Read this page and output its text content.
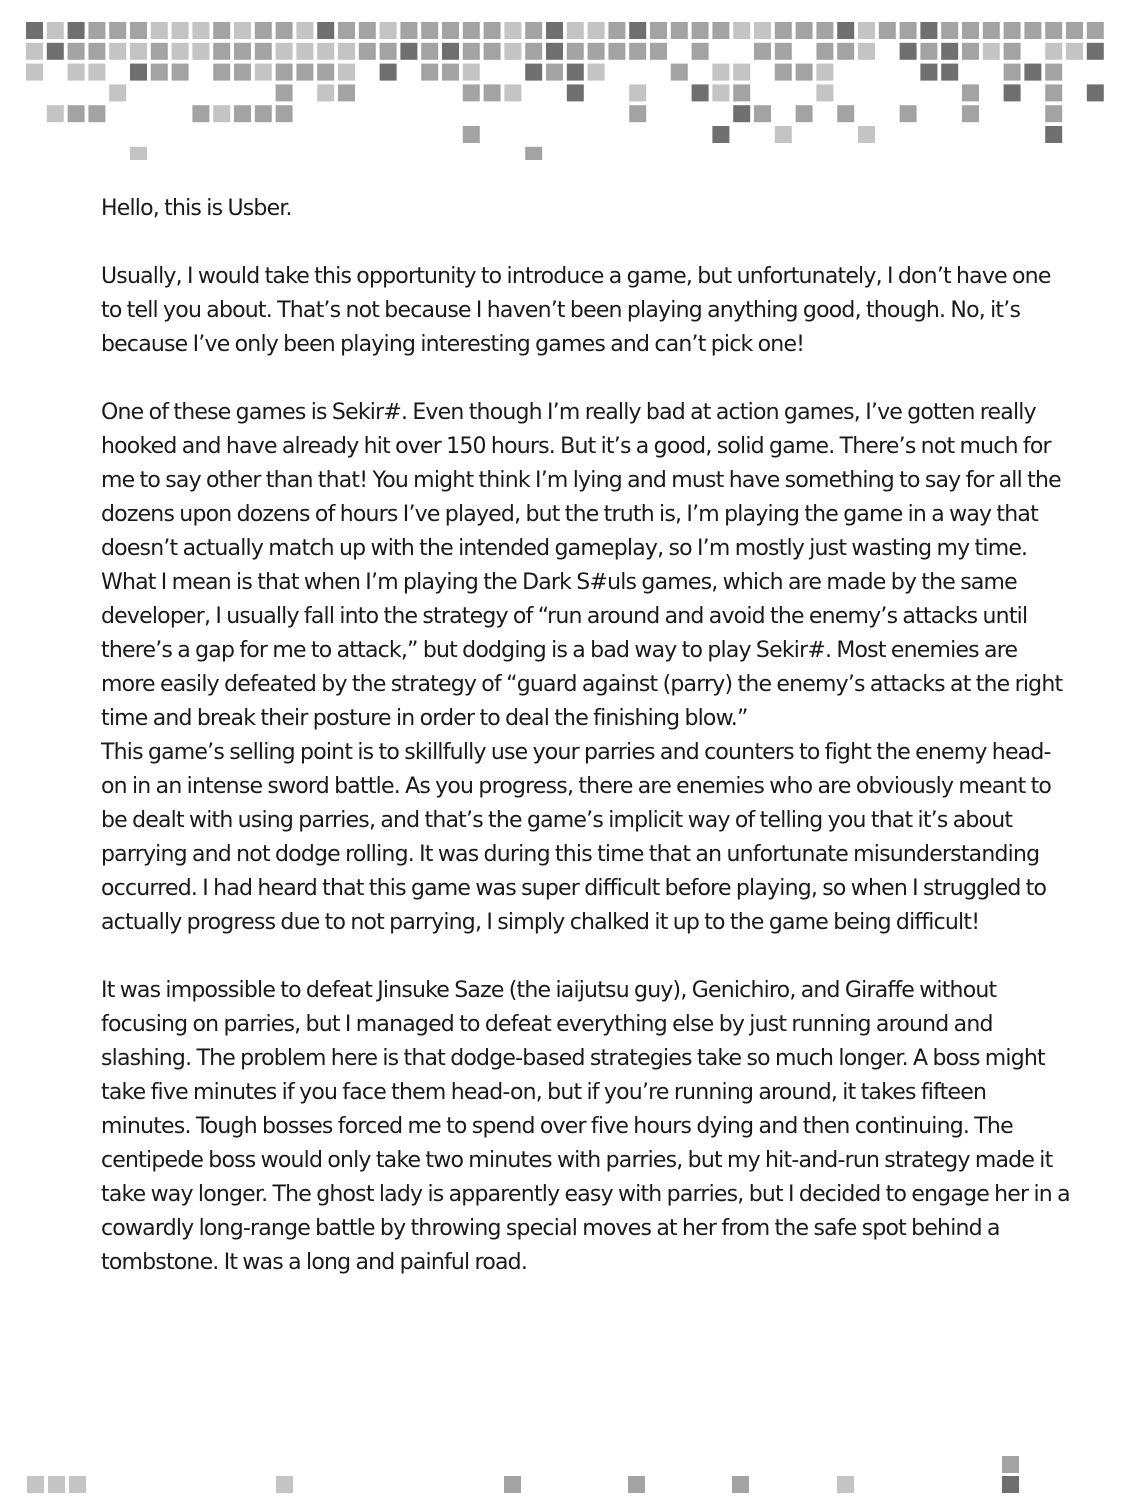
Hello, this is Usber.

Usually, I would take this opportunity to introduce a game, but unfortunately, I don’t have one to tell you about. That’s not because I haven’t been playing anything good, though. No, it’s because I’ve only been playing interesting games and can’t pick one!

One of these games is Sekir#. Even though I’m really bad at action games, I’ve gotten really hooked and have already hit over 150 hours. But it’s a good, solid game. There’s not much for me to say other than that! You might think I’m lying and must have something to say for all the dozens upon dozens of hours I’ve played, but the truth is, I’m playing the game in a way that doesn’t actually match up with the intended gameplay, so I’m mostly just wasting my time.

What I mean is that when I’m playing the Dark S#uls games, which are made by the same developer, I usually fall into the strategy of “run around and avoid the enemy’s attacks until there’s a gap for me to attack,” but dodging is a bad way to play Sekir#. Most enemies are more easily defeated by the strategy of “guard against (parry) the enemy’s attacks at the right time and break their posture in order to deal the finishing blow.”

This game’s selling point is to skillfully use your parries and counters to fight the enemy head-on in an intense sword battle. As you progress, there are enemies who are obviously meant to be dealt with using parries, and that’s the game’s implicit way of telling you that it’s about parrying and not dodge rolling. It was during this time that an unfortunate misunderstanding occurred. I had heard that this game was super difficult before playing, so when I struggled to actually progress due to not parrying, I simply chalked it up to the game being difficult!

It was impossible to defeat Jinsuke Saze (the iaijutsu guy), Genichiro, and Giraffe without focusing on parries, but I managed to defeat everything else by just running around and slashing. The problem here is that dodge-based strategies take so much longer. A boss might take five minutes if you face them head-on, but if you’re running around, it takes fifteen minutes. Tough bosses forced me to spend over five hours dying and then continuing. The centipede boss would only take two minutes with parries, but my hit-and-run strategy made it take way longer. The ghost lady is apparently easy with parries, but I decided to engage her in a cowardly long-range battle by throwing special moves at her from the safe spot behind a tombstone. It was a long and painful road.
